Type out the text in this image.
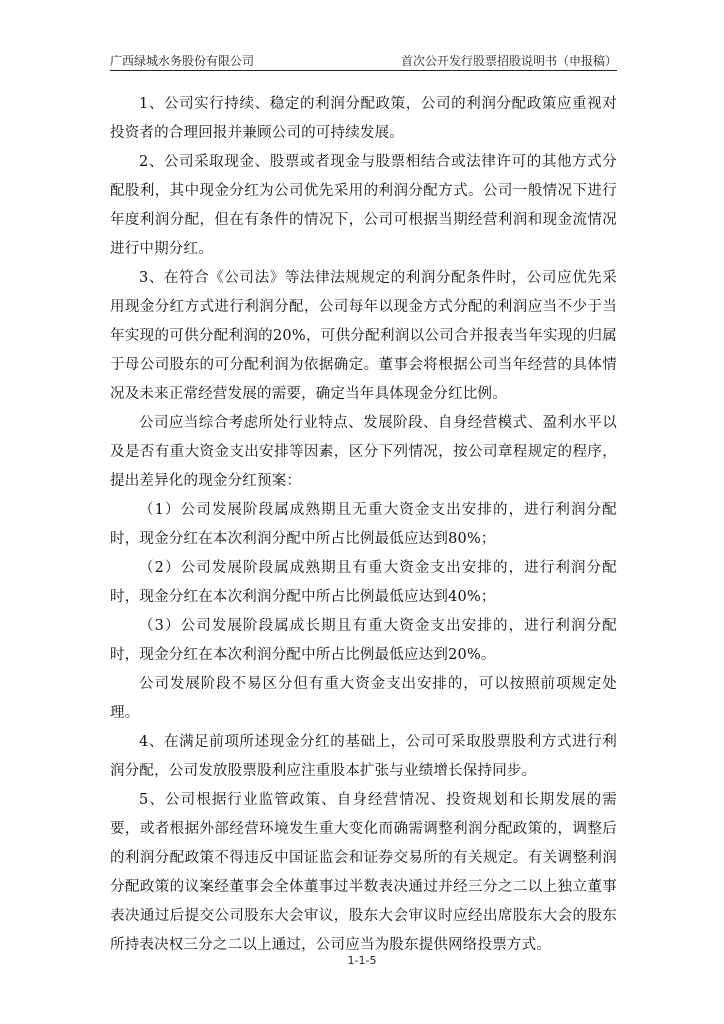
广西绿城水务股份有限公司	首次公开发行股票招股说明书（申报稿）

1、公司实行持续、稳定的利润分配政策，公司的利润分配政策应重视对投资者的合理回报并兼顾公司的可持续发展。

2、公司采取现金、股票或者现金与股票相结合或法律许可的其他方式分配股利，其中现金分红为公司优先采用的利润分配方式。公司一般情况下进行年度利润分配，但在有条件的情况下，公司可根据当期经营利润和现金流情况进行中期分红。

3、在符合《公司法》等法律法规规定的利润分配条件时，公司应优先采用现金分红方式进行利润分配，公司每年以现金方式分配的利润应当不少于当年实现的可供分配利润的20%，可供分配利润以公司合并报表当年实现的归属于母公司股东的可分配利润为依据确定。董事会将根据公司当年经营的具体情况及未来正常经营发展的需要，确定当年具体现金分红比例。

公司应当综合考虑所处行业特点、发展阶段、自身经营模式、盈利水平以及是否有重大资金支出安排等因素，区分下列情况，按公司章程规定的程序，提出差异化的现金分红预案：

（1）公司发展阶段属成熟期且无重大资金支出安排的，进行利润分配时，现金分红在本次利润分配中所占比例最低应达到80%；

（2）公司发展阶段属成熟期且有重大资金支出安排的，进行利润分配时，现金分红在本次利润分配中所占比例最低应达到40%；

（3）公司发展阶段属成长期且有重大资金支出安排的，进行利润分配时，现金分红在本次利润分配中所占比例最低应达到20%。

公司发展阶段不易区分但有重大资金支出安排的，可以按照前项规定处理。

4、在满足前项所述现金分红的基础上，公司可采取股票股利方式进行利润分配，公司发放股票股利应注重股本扩张与业绩增长保持同步。

5、公司根据行业监管政策、自身经营情况、投资规划和长期发展的需要，或者根据外部经营环境发生重大变化而确需调整利润分配政策的，调整后的利润分配政策不得违反中国证监会和证券交易所的有关规定。有关调整利润分配政策的议案经董事会全体董事过半数表决通过并经三分之二以上独立董事表决通过后提交公司股东大会审议，股东大会审议时应经出席股东大会的股东所持表决权三分之二以上通过，公司应当为股东提供网络投票方式。

1-1-5
